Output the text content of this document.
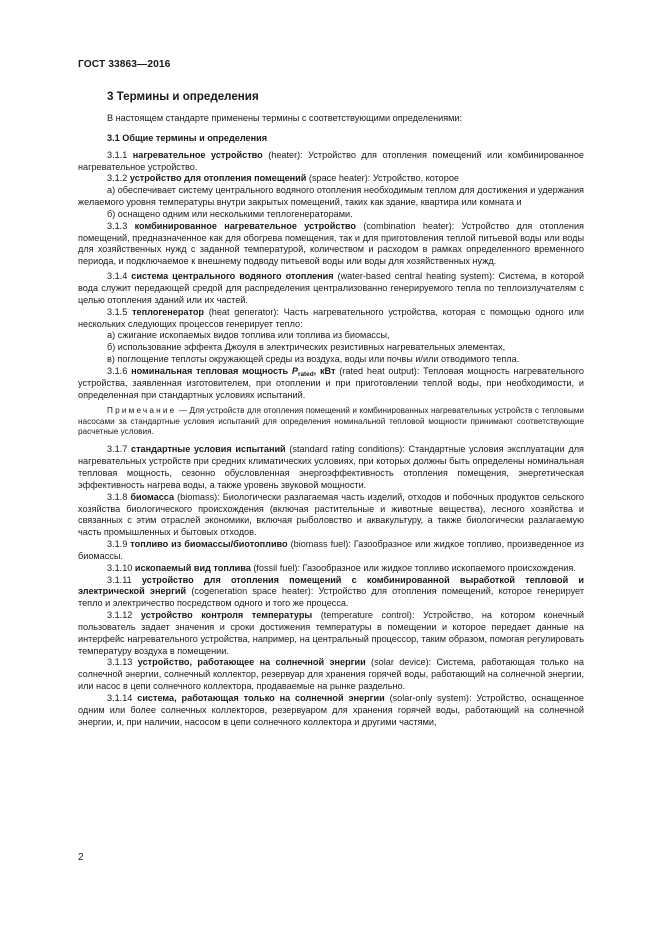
ГОСТ 33863—2016
3 Термины и определения

В настоящем стандарте применены термины с соответствующими определениями:

3.1 Общие термины и определения

3.1.1 нагревательное устройство (heater): Устройство для отопления помещений или комбинированное нагревательное устройство.

3.1.2 устройство для отопления помещений (space heater): Устройство, которое

а) обеспечивает систему центрального водяного отопления необходимым теплом для достижения и удержания желаемого уровня температуры внутри закрытых помещений, таких как здание, квартира или комната и

б) оснащено одним или несколькими теплогенераторами.

3.1.3 комбинированное нагревательное устройство (combination heater): Устройство для отопления помещений, предназначенное как для обогрева помещения, так и для приготовления теплой питьевой воды или воды для хозяйственных нужд с заданной температурой, количеством и расходом в рамках определенного временного периода, и подключаемое к внешнему подводу питьевой воды или воды для хозяйственных нужд.

3.1.4 система центрального водяного отопления (water-based central heating system): Система, в которой вода служит передающей средой для распределения централизованно генерируемого тепла по теплоизлучателям с целью отопления зданий или их частей.

3.1.5 теплогенератор (heat generator): Часть нагревательного устройства, которая с помощью одного или нескольких следующих процессов генерирует тепло:

а) сжигание ископаемых видов топлива или топлива из биомассы,

б) использование эффекта Джоуля в электрических резистивных нагревательных элементах,

в) поглощение теплоты окружающей среды из воздуха, воды или почвы и/или отводимого тепла.

3.1.6 номинальная тепловая мощность $P_{rated}$, кВт (rated heat output): Тепловая мощность нагревательного устройства, заявленная изготовителем, при отоплении и при приготовлении теплой воды, при необходимости, и определенная при стандартных условиях испытаний.

Примечание — Для устройств для отопления помещений и комбинированных нагревательных устройств с тепловыми насосами за стандартные условия испытаний для определения номинальной тепловой мощности принимают соответствующие расчетные условия.

3.1.7 стандартные условия испытаний (standard rating conditions): Стандартные условия эксплуатации для нагревательных устройств при средних климатических условиях, при которых должны быть определены номинальная тепловая мощность, сезонно обусловленная энергоэффективность отопления помещения, энергетическая эффективность нагрева воды, а также уровень звуковой мощности.

3.1.8 биомасса (biomass): Биологически разлагаемая часть изделий, отходов и побочных продуктов сельского хозяйства биологического происхождения (включая растительные и животные вещества), лесного хозяйства и связанных с этим отраслей экономики, включая рыболовство и аквакультуру, а также биологически разлагаемую часть промышленных и бытовых отходов.

3.1.9 топливо из биомассы/биотопливо (biomass fuel): Газообразное или жидкое топливо, произведенное из биомассы.

3.1.10 ископаемый вид топлива (fossil fuel): Газообразное или жидкое топливо ископаемого происхождения.

3.1.11 устройство для отопления помещений с комбинированной выработкой тепловой и электрической энергий (cogeneration space heater): Устройство для отопления помещений, которое генерирует тепло и электричество посредством одного и того же процесса.

3.1.12 устройство контроля температуры (temperature control): Устройство, на котором конечный пользователь задает значения и сроки достижения температуры в помещении и которое передает данные на интерфейс нагревательного устройства, например, на центральный процессор, таким образом, помогая регулировать температуру воздуха в помещении.

3.1.13 устройство, работающее на солнечной энергии (solar device): Система, работающая только на солнечной энергии, солнечный коллектор, резервуар для хранения горячей воды, работающий на солнечной энергии, или насос в цепи солнечного коллектора, продаваемые на рынке раздельно.

3.1.14 система, работающая только на солнечной энергии (solar-only system): Устройство, оснащенное одним или более солнечных коллекторов, резервуаром для хранения горячей воды, работающий на солнечной энергии, и, при наличии, насосом в цепи солнечного коллектора и другими частями,

2
